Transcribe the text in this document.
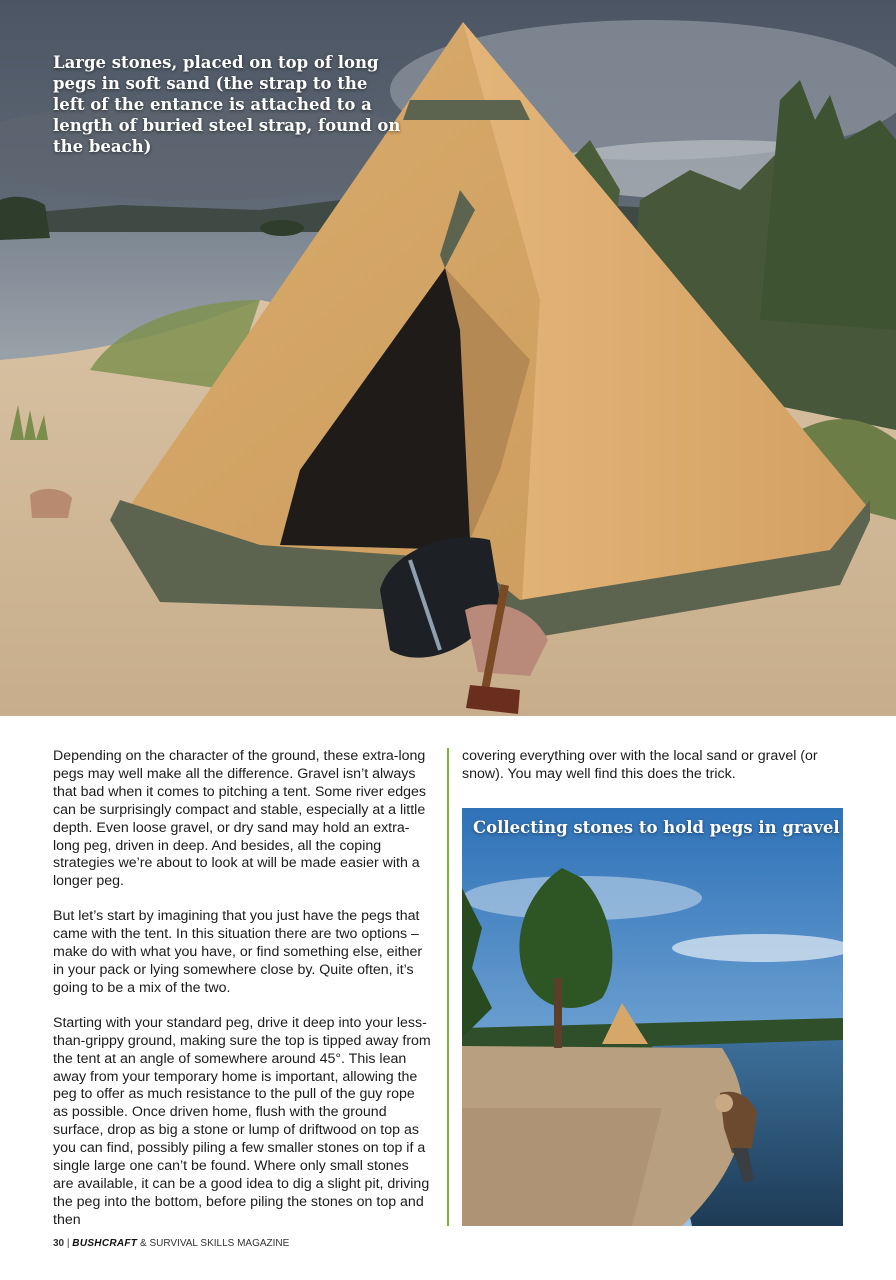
Large stones, placed on top of long pegs in soft sand (the strap to the left of the entance is attached to a length of buried steel strap, found on the beach)

Depending on the character of the ground, these extra-long pegs may well make all the difference. Gravel isn’t always that bad when it comes to pitching a tent. Some river edges can be surprisingly compact and stable, especially at a little depth. Even loose gravel, or dry sand may hold an extra-long peg, driven in deep. And besides, all the coping strategies we’re about to look at will be made easier with a longer peg.

But let’s start by imagining that you just have the pegs that came with the tent. In this situation there are two options – make do with what you have, or find something else, either in your pack or lying somewhere close by. Quite often, it’s going to be a mix of the two.

Starting with your standard peg, drive it deep into your less-than-grippy ground, making sure the top is tipped away from the tent at an angle of somewhere around 45°. This lean away from your temporary home is important, allowing the peg to offer as much resistance to the pull of the guy rope as possible. Once driven home, flush with the ground surface, drop as big a stone or lump of driftwood on top as you can find, possibly piling a few smaller stones on top if a single large one can’t be found. Where only small stones are available, it can be a good idea to dig a slight pit, driving the peg into the bottom, before piling the stones on top and then

covering everything over with the local sand or gravel (or snow). You may well find this does the trick.

Collecting stones to hold pegs in gravel

30 | BUSHCRAFT & SURVIVAL SKILLS MAGAZINE
